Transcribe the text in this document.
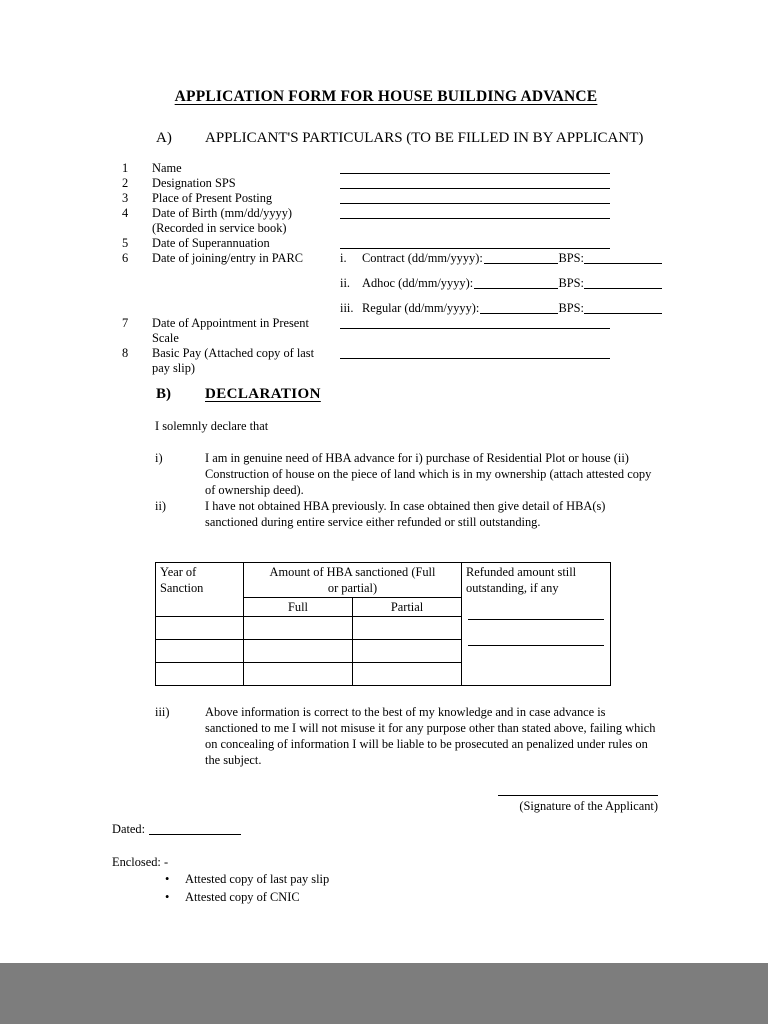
APPLICATION FORM FOR HOUSE BUILDING ADVANCE
A)	APPLICANT'S PARTICULARS (TO BE FILLED IN BY APPLICANT)
1	Name
2	Designation SPS
3	Place of Present Posting
4	Date of Birth (mm/dd/yyyy)
(Recorded in service book)
5	Date of Superannuation
6	Date of joining/entry in PARC	i.	Contract (dd/mm/yyyy):	BPS:
ii. Adhoc (dd/mm/yyyy):	BPS:
iii. Regular (dd/mm/yyyy):	BPS:
7	Date of Appointment in Present
Scale
8	Basic Pay (Attached copy of last
pay slip)
B)	DECLARATION
I solemnly declare that
i)	I am in genuine need of HBA advance for i) purchase of Residential Plot or house (ii) Construction of house on the piece of land which is in my ownership (attach attested copy of ownership deed).
ii)	I have not obtained HBA previously. In case obtained then give detail of HBA(s) sanctioned during entire service either refunded or still outstanding.
Year of Sanction	Amount of HBA sanctioned (Full or partial)		Refunded amount still outstanding, if any

	Full	Partial	

iii)	Above information is correct to the best of my knowledge and in case advance is sanctioned to me I will not misuse it for any purpose other than stated above, failing which on concealing of information I will be liable to be prosecuted an penalized under rules on the subject.
(Signature of the Applicant)
Dated:
Enclosed: -
•	Attested copy of last pay slip
•	Attested copy of CNIC
